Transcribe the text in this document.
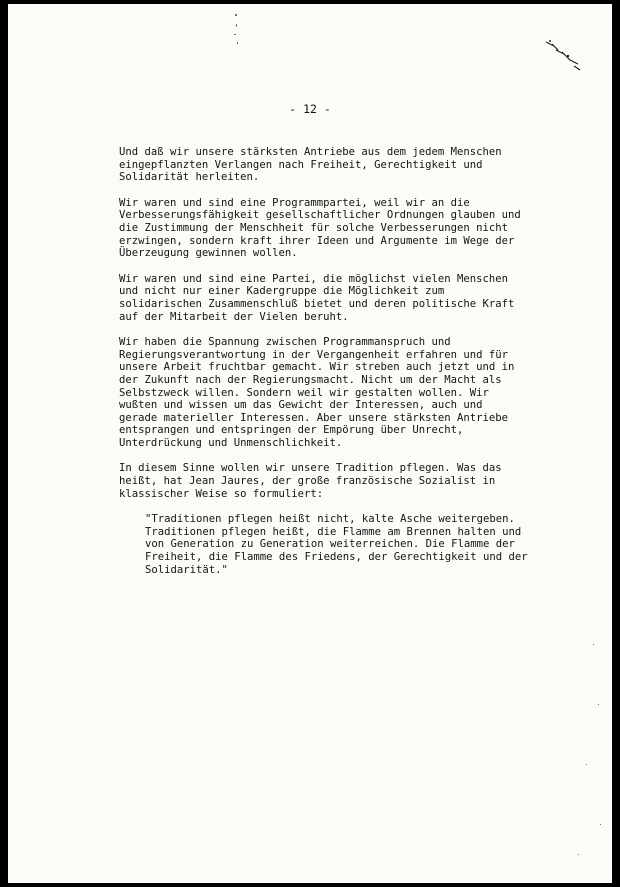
- 12 -

Und daß wir unsere stärksten Antriebe aus dem jedem Menschen
eingepflanzten Verlangen nach Freiheit, Gerechtigkeit und
Solidarität herleiten.

Wir waren und sind eine Programmpartei, weil wir an die
Verbesserungsfähigkeit gesellschaftlicher Ordnungen glauben und
die Zustimmung der Menschheit für solche Verbesserungen nicht
erzwingen, sondern kraft ihrer Ideen und Argumente im Wege der
Überzeugung gewinnen wollen.

Wir waren und sind eine Partei, die möglichst vielen Menschen
und nicht nur einer Kadergruppe die Möglichkeit zum
solidarischen Zusammenschluß bietet und deren politische Kraft
auf der Mitarbeit der Vielen beruht.

Wir haben die Spannung zwischen Programmanspruch und
Regierungsverantwortung in der Vergangenheit erfahren und für
unsere Arbeit fruchtbar gemacht. Wir streben auch jetzt und in
der Zukunft nach der Regierungsmacht. Nicht um der Macht als
Selbstzweck willen. Sondern weil wir gestalten wollen. Wir
wußten und wissen um das Gewicht der Interessen, auch und
gerade materieller Interessen. Aber unsere stärksten Antriebe
entsprangen und entspringen der Empörung über Unrecht,
Unterdrückung und Unmenschlichkeit.

In diesem Sinne wollen wir unsere Tradition pflegen. Was das
heißt, hat Jean Jaures, der große französische Sozialist in
klassischer Weise so formuliert:

"Traditionen pflegen heißt nicht, kalte Asche weitergeben.
Traditionen pflegen heißt, die Flamme am Brennen halten und
von Generation zu Generation weiterreichen. Die Flamme der
Freiheit, die Flamme des Friedens, der Gerechtigkeit und der
Solidarität."
